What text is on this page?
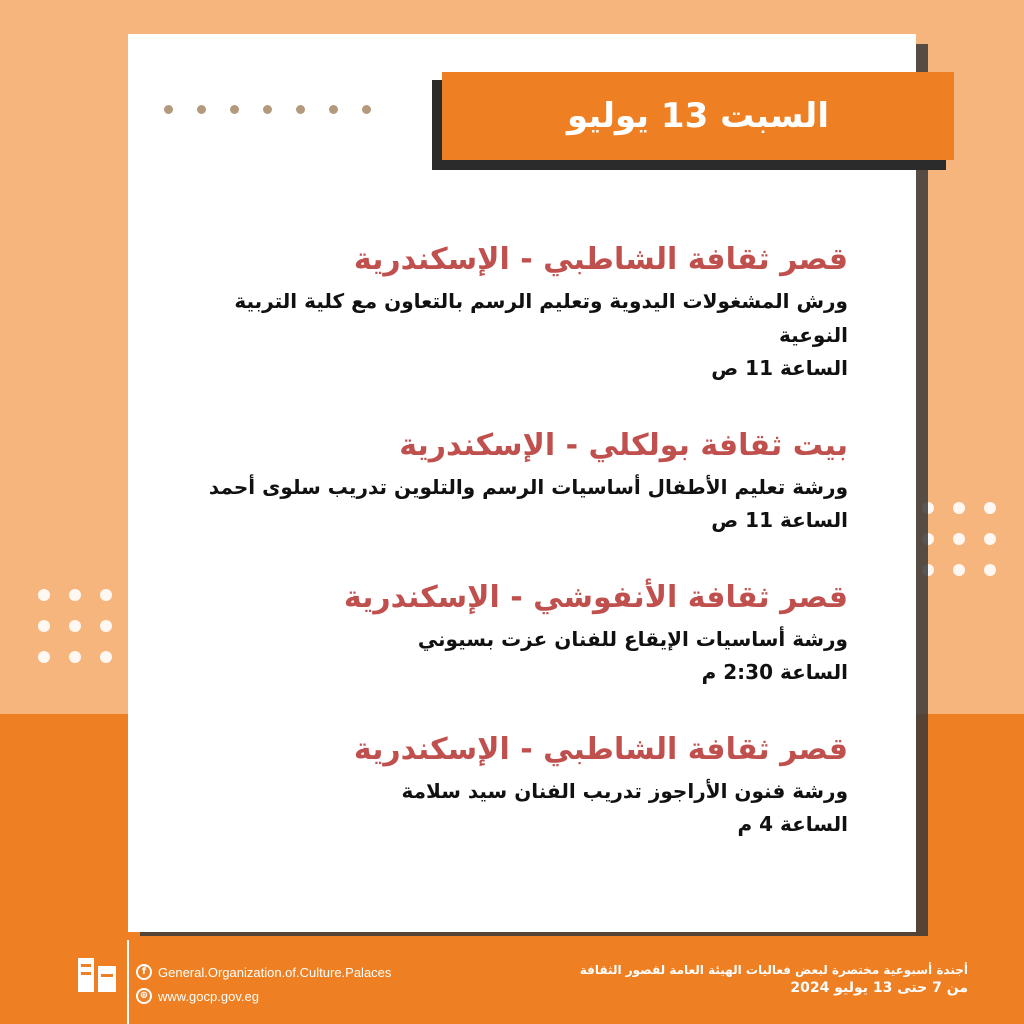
السبت 13 يوليو
قصر ثقافة الشاطبي - الإسكندرية
ورش المشغولات اليدوية وتعليم الرسم بالتعاون مع كلية التربية النوعية
الساعة 11 ص
بيت ثقافة بولكلي - الإسكندرية
ورشة تعليم الأطفال أساسيات الرسم والتلوين تدريب سلوى أحمد
الساعة 11 ص
قصر ثقافة الأنفوشي - الإسكندرية
ورشة أساسيات الإيقاع للفنان عزت بسيوني
الساعة 2:30 م
قصر ثقافة الشاطبي - الإسكندرية
ورشة فنون الأراجوز تدريب الفنان سيد سلامة
الساعة 4 م
f General.Organization.of.Culture.Palaces
⊕ www.gocp.gov.eg
أجندة أسبوعية مختصرة لبعض فعاليات الهيئة العامة لقصور الثقافة
من 7 حتى 13 يوليو 2024
